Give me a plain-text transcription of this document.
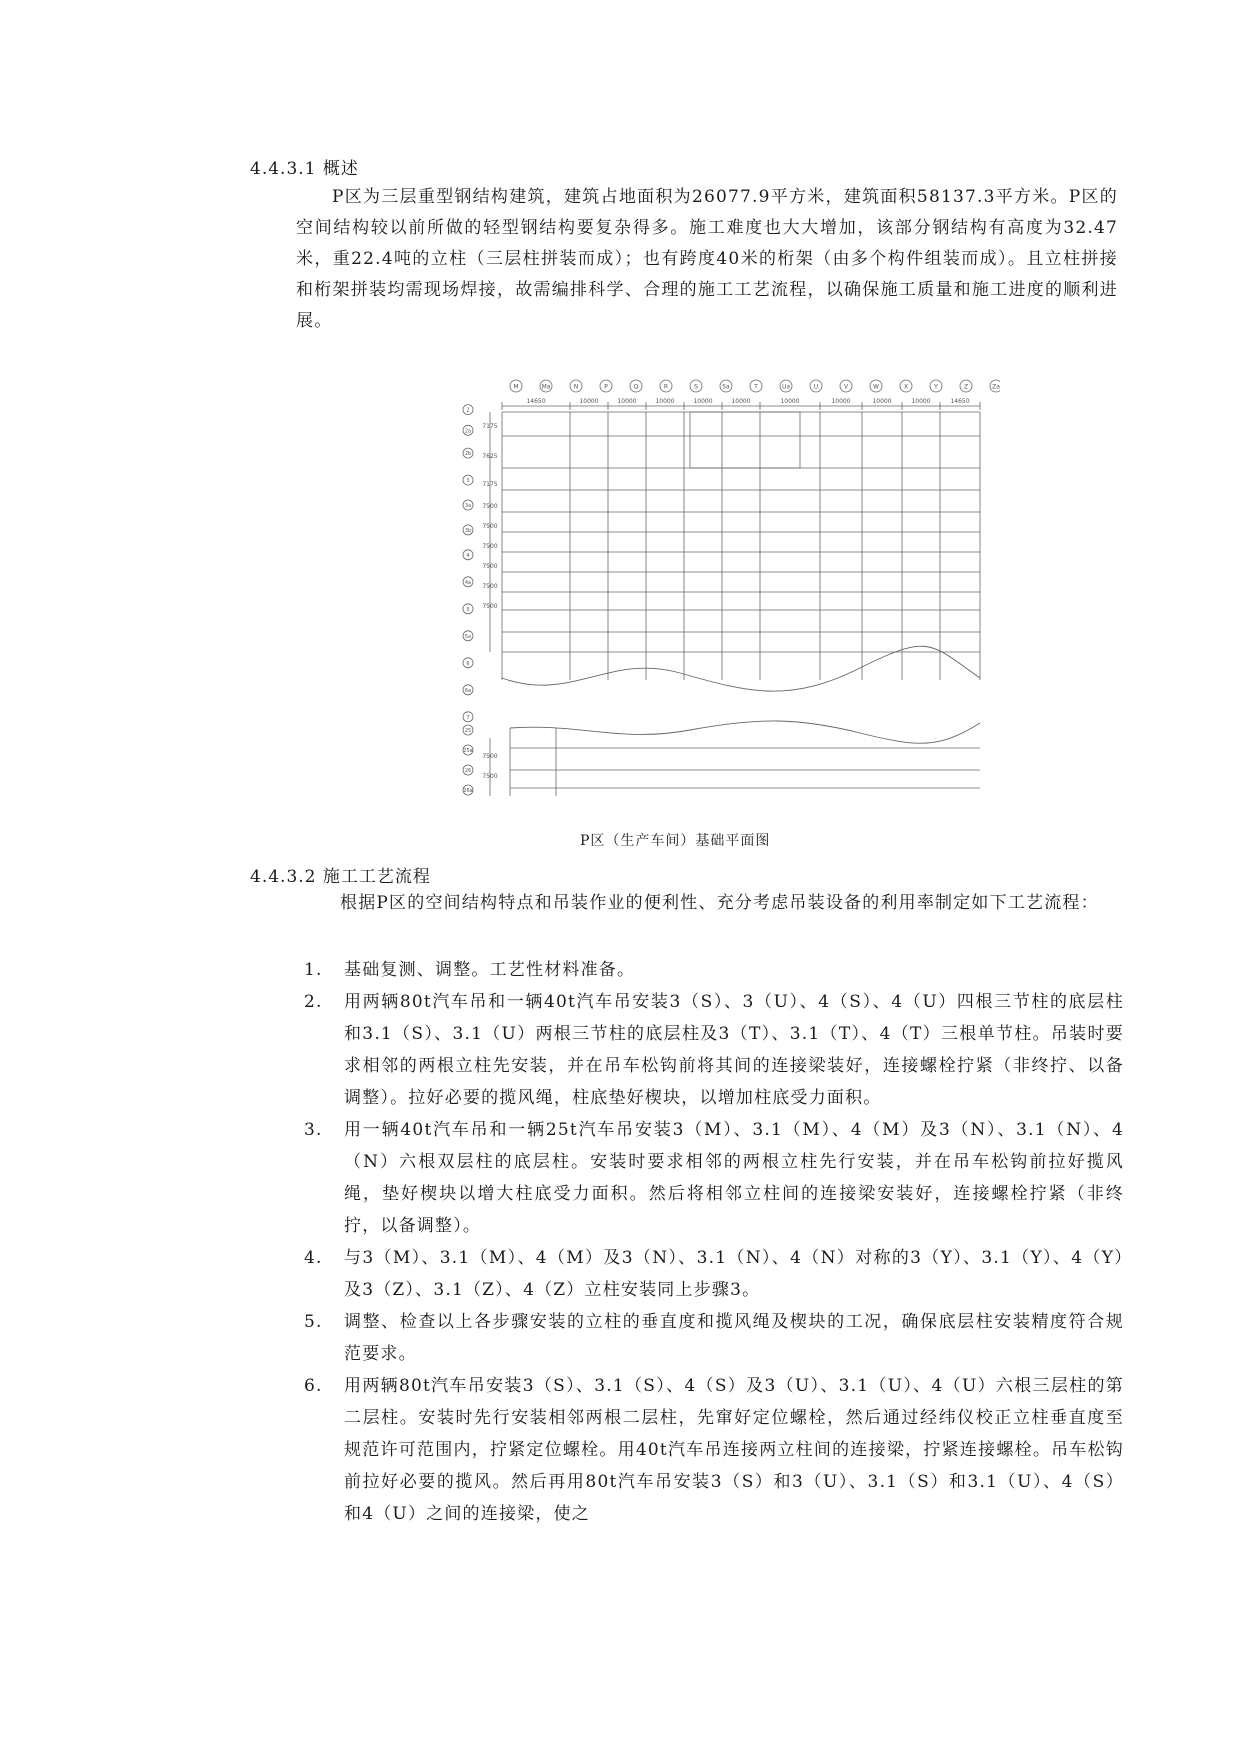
4.4.3.1 概述
P区为三层重型钢结构建筑，建筑占地面积为26077.9平方米，建筑面积58137.3平方米。P区的空间结构较以前所做的轻型钢结构要复杂得多。施工难度也大大增加，该部分钢结构有高度为32.47米，重22.4吨的立柱（三层柱拼装而成）；也有跨度40米的桁架（由多个构件组装而成）。且立柱拼接和桁架拼装均需现场焊接，故需编排科学、合理的施工工艺流程，以确保施工质量和施工进度的顺利进展。
14650	10000	10000	10000	10000	10000	10000	10000	10000	10000	14650
M	Ma	N	P	Q	R	S	Sa	T	Ua	U	V	W	X	Y	Z	Za
7175
7625
7175
7500
7500
7500
7500
7500
7500
2
2a
2b
3
3a
3b
4
4a
5
5a
6
6a
7
7500
7500
25
25a
26
26a
P区（生产车间）基础平面图
4.4.3.2 施工工艺流程
根据P区的空间结构特点和吊装作业的便利性、充分考虑吊装设备的利用率制定如下工艺流程：
1.	基础复测、调整。工艺性材料准备。
2.	用两辆80t汽车吊和一辆40t汽车吊安装3（S）、3（U）、4（S）、4（U）四根三节柱的底层柱和3.1（S）、3.1（U）两根三节柱的底层柱及3（T）、3.1（T）、4（T）三根单节柱。吊装时要求相邻的两根立柱先安装，并在吊车松钩前将其间的连接梁装好，连接螺栓拧紧（非终拧、以备调整）。拉好必要的揽风绳，柱底垫好楔块，以增加柱底受力面积。
3.	用一辆40t汽车吊和一辆25t汽车吊安装3（M）、3.1（M）、4（M）及3（N）、3.1（N）、4（N）六根双层柱的底层柱。安装时要求相邻的两根立柱先行安装，并在吊车松钩前拉好揽风绳，垫好楔块以增大柱底受力面积。然后将相邻立柱间的连接梁安装好，连接螺栓拧紧（非终拧，以备调整）。
4.	与3（M）、3.1（M）、4（M）及3（N）、3.1（N）、4（N）对称的3（Y）、3.1（Y）、4（Y）及3（Z）、3.1（Z）、4（Z）立柱安装同上步骤3。
5.	调整、检查以上各步骤安装的立柱的垂直度和揽风绳及楔块的工况，确保底层柱安装精度符合规范要求。
6.	用两辆80t汽车吊安装3（S）、3.1（S）、4（S）及3（U）、3.1（U）、4（U）六根三层柱的第二层柱。安装时先行安装相邻两根二层柱，先窜好定位螺栓，然后通过经纬仪校正立柱垂直度至规范许可范围内，拧紧定位螺栓。用40t汽车吊连接两立柱间的连接梁，拧紧连接螺栓。吊车松钩前拉好必要的揽风。然后再用80t汽车吊安装3（S）和3（U）、3.1（S）和3.1（U）、4（S）和4（U）之间的连接梁，使之
